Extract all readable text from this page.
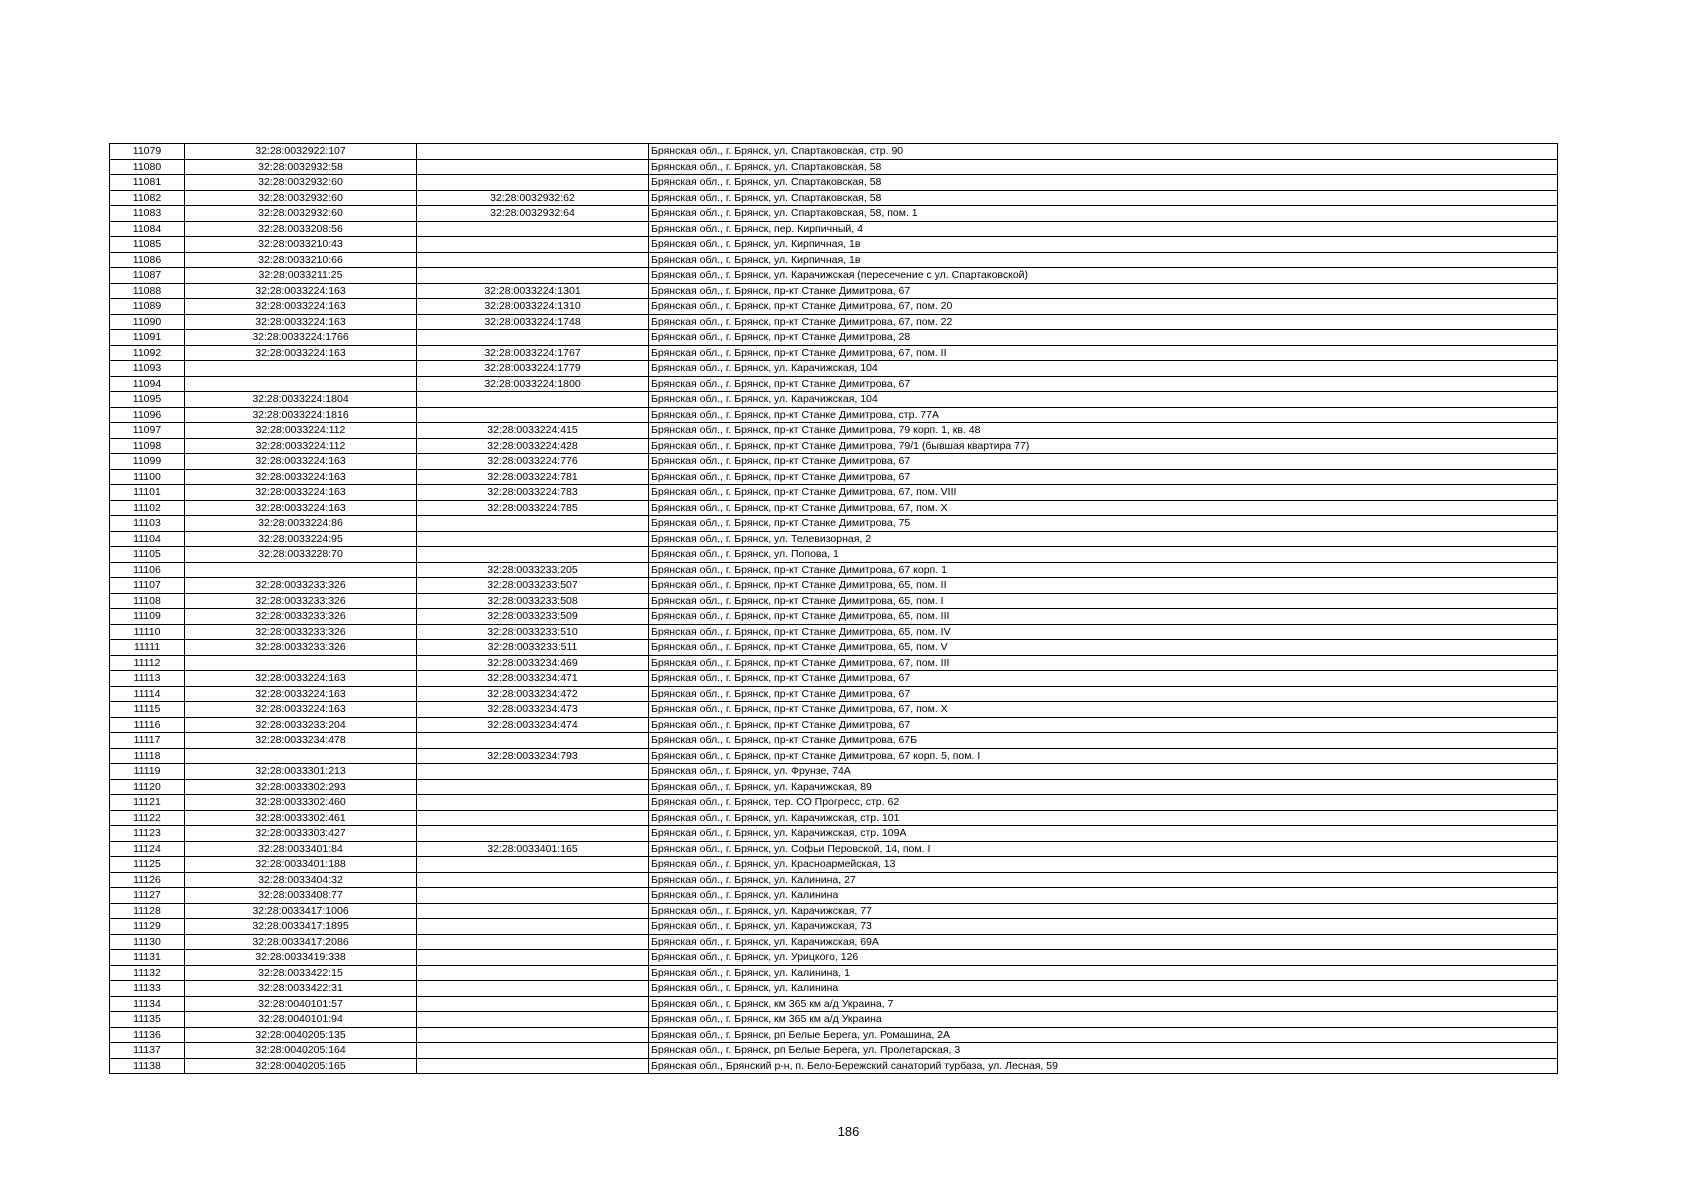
11079	32:28:0032922:107		Брянская обл., г. Брянск, ул. Спартаковская, стр. 90
11080	32:28:0032932:58		Брянская обл., г. Брянск, ул. Спартаковская, 58
11081	32:28:0032932:60		Брянская обл., г. Брянск, ул. Спартаковская, 58
11082	32:28:0032932:60	32:28:0032932:62	Брянская обл., г. Брянск, ул. Спартаковская, 58
11083	32:28:0032932:60	32:28:0032932:64	Брянская обл., г. Брянск, ул. Спартаковская, 58, пом. 1
11084	32:28:0033208:56		Брянская обл., г. Брянск, пер. Кирпичный, 4
11085	32:28:0033210:43		Брянская обл., г. Брянск, ул. Кирпичная, 1в
11086	32:28:0033210:66		Брянская обл., г. Брянск, ул. Кирпичная, 1в
11087	32:28:0033211:25		Брянская обл., г. Брянск, ул. Карачижская (пересечение с ул. Спартаковской)
11088	32:28:0033224:163	32:28:0033224:1301	Брянская обл., г. Брянск, пр-кт Станке Димитрова, 67
11089	32:28:0033224:163	32:28:0033224:1310	Брянская обл., г. Брянск, пр-кт Станке Димитрова, 67, пом. 20
11090	32:28:0033224:163	32:28:0033224:1748	Брянская обл., г. Брянск, пр-кт Станке Димитрова, 67, пом. 22
11091	32:28:0033224:1766		Брянская обл., г. Брянск, пр-кт Станке Димитрова, 28
11092	32:28:0033224:163	32:28:0033224:1767	Брянская обл., г. Брянск, пр-кт Станке Димитрова, 67, пом. II
11093		32:28:0033224:1779	Брянская обл., г. Брянск, ул. Карачижская, 104
11094		32:28:0033224:1800	Брянская обл., г. Брянск, пр-кт Станке Димитрова, 67
11095	32:28:0033224:1804		Брянская обл., г. Брянск, ул. Карачижская, 104
11096	32:28:0033224:1816		Брянская обл., г. Брянск, пр-кт Станке Димитрова, стр. 77А
11097	32:28:0033224:112	32:28:0033224:415	Брянская обл., г. Брянск, пр-кт Станке Димитрова, 79 корп. 1, кв. 48
11098	32:28:0033224:112	32:28:0033224:428	Брянская обл., г. Брянск, пр-кт Станке Димитрова, 79/1 (бывшая квартира 77)
11099	32:28:0033224:163	32:28:0033224:776	Брянская обл., г. Брянск, пр-кт Станке Димитрова, 67
11100	32:28:0033224:163	32:28:0033224:781	Брянская обл., г. Брянск, пр-кт Станке Димитрова, 67
11101	32:28:0033224:163	32:28:0033224:783	Брянская обл., г. Брянск, пр-кт Станке Димитрова, 67, пом. VIII
11102	32:28:0033224:163	32:28:0033224:785	Брянская обл., г. Брянск, пр-кт Станке Димитрова, 67, пом. X
11103	32:28:0033224:86		Брянская обл., г. Брянск, пр-кт Станке Димитрова, 75
11104	32:28:0033224:95		Брянская обл., г. Брянск, ул. Телевизорная, 2
11105	32:28:0033228:70		Брянская обл., г. Брянск, ул. Попова, 1
11106		32:28:0033233:205	Брянская обл., г. Брянск, пр-кт Станке Димитрова, 67 корп. 1
11107	32:28:0033233:326	32:28:0033233:507	Брянская обл., г. Брянск, пр-кт Станке Димитрова, 65, пом. II
11108	32:28:0033233:326	32:28:0033233:508	Брянская обл., г. Брянск, пр-кт Станке Димитрова, 65, пом. I
11109	32:28:0033233:326	32:28:0033233:509	Брянская обл., г. Брянск, пр-кт Станке Димитрова, 65, пом. III
11110	32:28:0033233:326	32:28:0033233:510	Брянская обл., г. Брянск, пр-кт Станке Димитрова, 65, пом. IV
11111	32:28:0033233:326	32:28:0033233:511	Брянская обл., г. Брянск, пр-кт Станке Димитрова, 65, пом. V
11112		32:28:0033234:469	Брянская обл., г. Брянск, пр-кт Станке Димитрова, 67, пом. III
11113	32:28:0033224:163	32:28:0033234:471	Брянская обл., г. Брянск, пр-кт Станке Димитрова, 67
11114	32:28:0033224:163	32:28:0033234:472	Брянская обл., г. Брянск, пр-кт Станке Димитрова, 67
11115	32:28:0033224:163	32:28:0033234:473	Брянская обл., г. Брянск, пр-кт Станке Димитрова, 67, пом. X
11116	32:28:0033233:204	32:28:0033234:474	Брянская обл., г. Брянск, пр-кт Станке Димитрова, 67
11117	32:28:0033234:478		Брянская обл., г. Брянск, пр-кт Станке Димитрова, 67Б
11118		32:28:0033234:793	Брянская обл., г. Брянск, пр-кт Станке Димитрова, 67 корп. 5, пом. I
11119	32:28:0033301:213		Брянская обл., г. Брянск, ул. Фрунзе, 74А
11120	32:28:0033302:293		Брянская обл., г. Брянск, ул. Карачижская, 89
11121	32:28:0033302:460		Брянская обл., г. Брянск, тер. СО Прогресс, стр. 62
11122	32:28:0033302:461		Брянская обл., г. Брянск, ул. Карачижская, стр. 101
11123	32:28:0033303:427		Брянская обл., г. Брянск, ул. Карачижская, стр. 109А
11124	32:28:0033401:84	32:28:0033401:165	Брянская обл., г. Брянск, ул. Софьи Перовской, 14, пом. I
11125	32:28:0033401:188		Брянская обл., г. Брянск, ул. Красноармейская, 13
11126	32:28:0033404:32		Брянская обл., г. Брянск, ул. Калинина, 27
11127	32:28:0033408:77		Брянская обл., г. Брянск, ул. Калинина
11128	32:28:0033417:1006		Брянская обл., г. Брянск, ул. Карачижская, 77
11129	32:28:0033417:1895		Брянская обл., г. Брянск, ул. Карачижская, 73
11130	32:28:0033417:2086		Брянская обл., г. Брянск, ул. Карачижская, 69А
11131	32:28:0033419:338		Брянская обл., г. Брянск, ул. Урицкого, 126
11132	32:28:0033422:15		Брянская обл., г. Брянск, ул. Калинина, 1
11133	32:28:0033422:31		Брянская обл., г. Брянск, ул. Калинина
11134	32:28:0040101:57		Брянская обл., г. Брянск, км 365 км а/д Украина, 7
11135	32:28:0040101:94		Брянская обл., г. Брянск, км 365 км а/д Украина
11136	32:28:0040205:135		Брянская обл., г. Брянск, рп Белые Берега, ул. Ромашина, 2А
11137	32:28:0040205:164		Брянская обл., г. Брянск, рп Белые Берега, ул. Пролетарская, 3
11138	32:28:0040205:165		Брянская обл., Брянский р-н, п. Бело-Бережский санаторий турбаза, ул. Лесная, 59
186
